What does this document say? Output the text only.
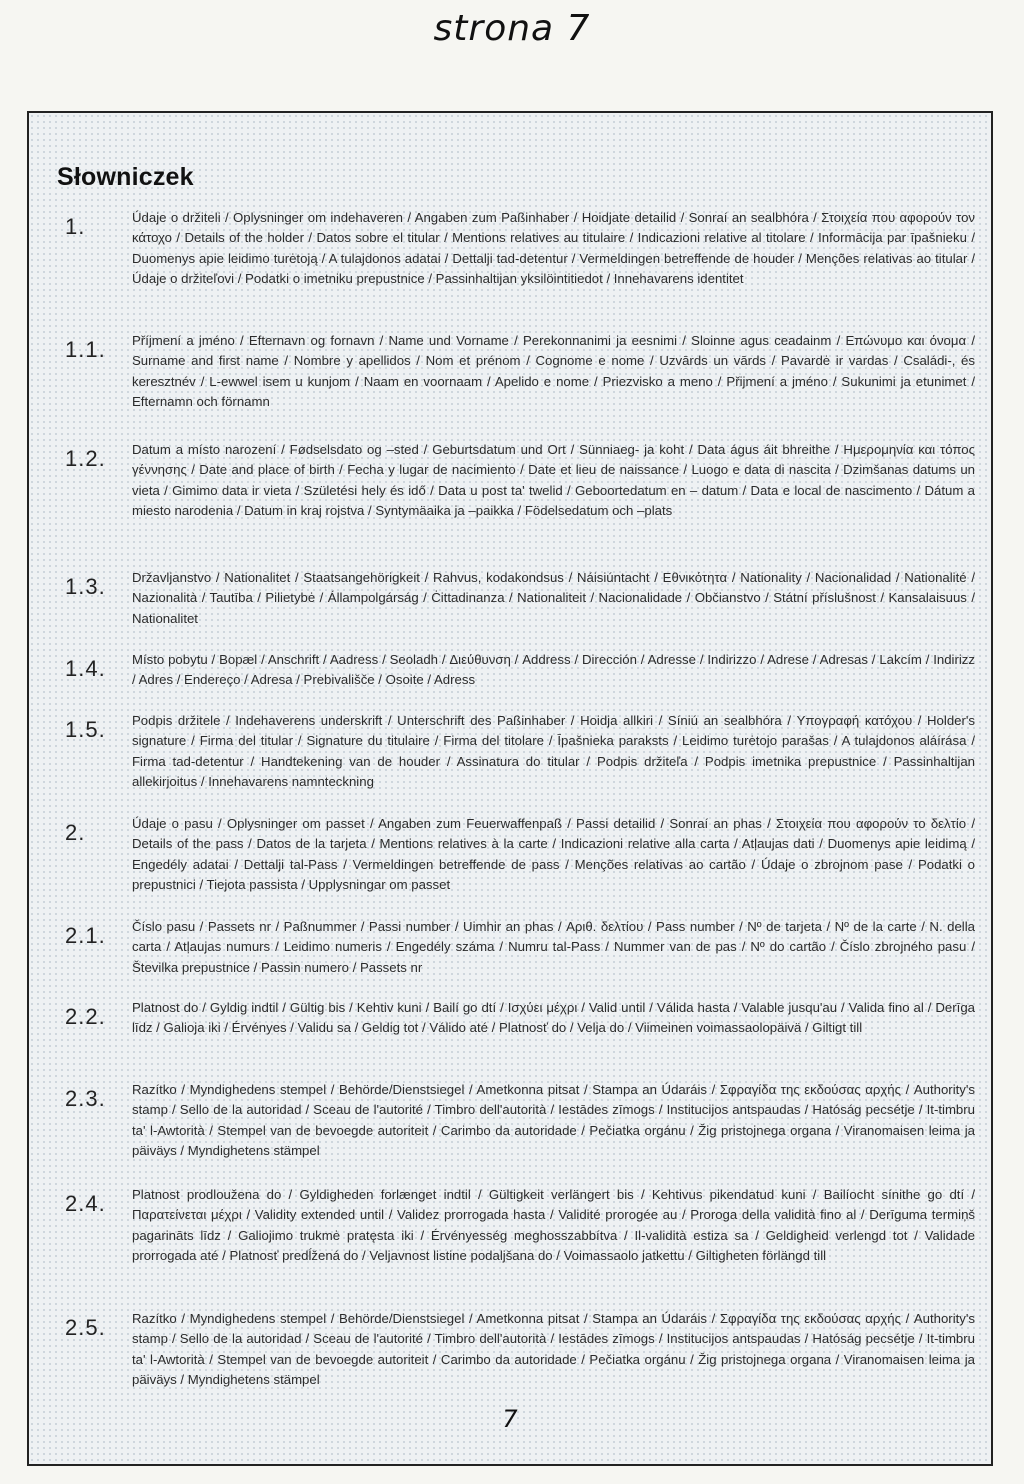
strona 7
Słowniczek
1.	Údaje o držiteli / Oplysninger om indehaveren / Angaben zum Paßinhaber / Hoidjate detailid / Sonraí an sealbhóra / Στοιχεία που αφορούν τον κάτοχο / Details of the holder / Datos sobre el titular / Mentions relatives au titulaire / Indicazioni relative al titolare / Informācija par īpašnieku / Duomenys apie leidimo turėtoją / A tulajdonos adatai / Dettalji tad-detentur / Vermeldingen betreffende de houder / Menções relativas ao titular / Údaje o držiteľovi / Podatki o imetniku prepustnice / Passinhaltijan yksilöintitiedot / Innehavarens identitet
1.1. Příjmení a jméno / Efternavn og fornavn / Name und Vorname / Perekonnanimi ja eesnimi / Sloinne agus ceadainm / Επώνυμο και όνομα / Surname and first name / Nombre y apellidos / Nom et prénom / Cognome e nome / Uzvārds un vārds / Pavardė ir vardas / Családi-, és keresztnév / L-ewwel isem u kunjom / Naam en voornaam / Apelido e nome / Priezvisko a meno / Přijmení a jméno / Sukunimi ja etunimet / Efternamn och förnamn
1.2. Datum a místo narození / Fødselsdato og –sted / Geburtsdatum und Ort / Sünniaeg- ja koht / Data águs áit bhreithe / Ημερομηνία και τόπος γέννησης / Date and place of birth / Fecha y lugar de nacimiento / Date et lieu de naissance / Luogo e data di nascita / Dzimšanas datums un vieta / Gimimo data ir vieta / Születési hely és idő / Data u post ta' twelid / Geboortedatum en – datum / Data e local de nascimento / Dátum a miesto narodenia / Datum in kraj rojstva / Syntymäaika ja –paikka / Födelsedatum och –plats
1.3. Državljanstvo / Nationalitet / Staatsangehörigkeit / Rahvus, kodakondsus / Náisiúntacht / Εθνικότητα / Nationality / Nacionalidad / Nationalité / Nazionalità / Tautība / Pilietybė / Állampolgárság / Ċittadinanza / Nationaliteit / Nacionalidade / Občianstvo / Státní příslušnost / Kansalaisuus / Nationalitet
1.4. Místo pobytu / Bopæl / Anschrift / Aadress / Seoladh / Διεύθυνση / Address / Dirección / Adresse / Indirizzo / Adrese / Adresas / Lakcím / Indirizz / Adres / Endereço / Adresa / Prebivališče / Osoite / Adress
1.5. Podpis držitele / Indehaverens underskrift / Unterschrift des Paßinhaber / Hoidja allkiri / Síniú an sealbhóra / Υπογραφή κατόχου / Holder's signature / Firma del titular / Signature du titulaire / Firma del titolare / Īpašnieka paraksts / Leidimo turėtojo parašas / A tulajdonos aláírása / Firma tad-detentur / Handtekening van de houder / Assinatura do titular / Podpis držiteľa / Podpis imetnika prepustnice / Passinhaltijan allekirjoitus / Innehavarens namnteckning
2.	Údaje o pasu / Oplysninger om passet / Angaben zum Feuerwaffenpaß / Passi detailid / Sonraí an phas / Στοιχεία που αφορούν το δελτίο / Details of the pass / Datos de la tarjeta / Mentions relatives à la carte / Indicazioni relative alla carta / Atļaujas dati / Duomenys apie leidimą / Engedély adatai / Dettalji tal-Pass / Vermeldingen betreffende de pass / Menções relativas ao cartão / Údaje o zbrojnom pase / Podatki o prepustnici / Tiejota passista / Upplysningar om passet
2.1. Číslo pasu / Passets nr / Paßnummer / Passi number / Uimhir an phas / Αριθ. δελτίου / Pass number / Nº de tarjeta / Nº de la carte / N. della carta / Atļaujas numurs / Leidimo numeris / Engedély száma / Numru tal-Pass / Nummer van de pas / Nº do cartão / Číslo zbrojného pasu / Številka prepustnice / Passin numero / Passets nr
2.2. Platnost do / Gyldig indtil / Gültig bis / Kehtiv kuni / Bailí go dtí / Ισχύει μέχρι / Valid until / Válida hasta / Valable jusqu'au / Valida fino al / Derīga līdz / Galioja iki / Érvényes / Validu sa / Geldig tot / Válido até / Platnosť do / Velja do / Viimeinen voimassaolopäivä / Giltigt till
2.3. Razítko / Myndighedens stempel / Behörde/Dienstsiegel / Ametkonna pitsat / Stampa an Údaráis / Σφραγίδα της εκδούσας αρχής / Authority's stamp / Sello de la autoridad / Sceau de l'autorité / Timbro dell'autorità / Iestādes zīmogs / Institucijos antspaudas / Hatóság pecsétje / It-timbru ta' l-Awtorità / Stempel van de bevoegde autoriteit / Carimbo da autoridade / Pečiatka orgánu / Žig pristojnega organa / Viranomaisen leima ja päiväys / Myndighetens stämpel
2.4. Platnost prodloužena do / Gyldigheden forlænget indtil / Gültigkeit verlängert bis / Kehtivus pikendatud kuni / Bailíocht sínithe go dtí / Παρατείνεται μέχρι / Validity extended until / Validez prorrogada hasta / Validité prorogée au / Proroga della validità fino al / Derīguma termiņš pagarināts līdz / Galiojimo trukmė pratęsta iki / Érvényesség meghosszabbítva / Il-validità estiza sa / Geldigheid verlengd tot / Validade prorrogada até / Platnosť predĺžená do / Veljavnost listine podaljšana do / Voimassaolo jatkettu / Giltigheten förlängd till
2.5. Razítko / Myndighedens stempel / Behörde/Dienstsiegel / Ametkonna pitsat / Stampa an Údaráis / Σφραγίδα της εκδούσας αρχής / Authority's stamp / Sello de la autoridad / Sceau de l'autorité / Timbro dell'autorità / Iestādes zīmogs / Institucijos antspaudas / Hatóság pecsétje / It-timbru ta' l-Awtorità / Stempel van de bevoegde autoriteit / Carimbo da autoridade / Pečiatka orgánu / Žig pristojnega organa / Viranomaisen leima ja päiväys / Myndighetens stämpel
7
